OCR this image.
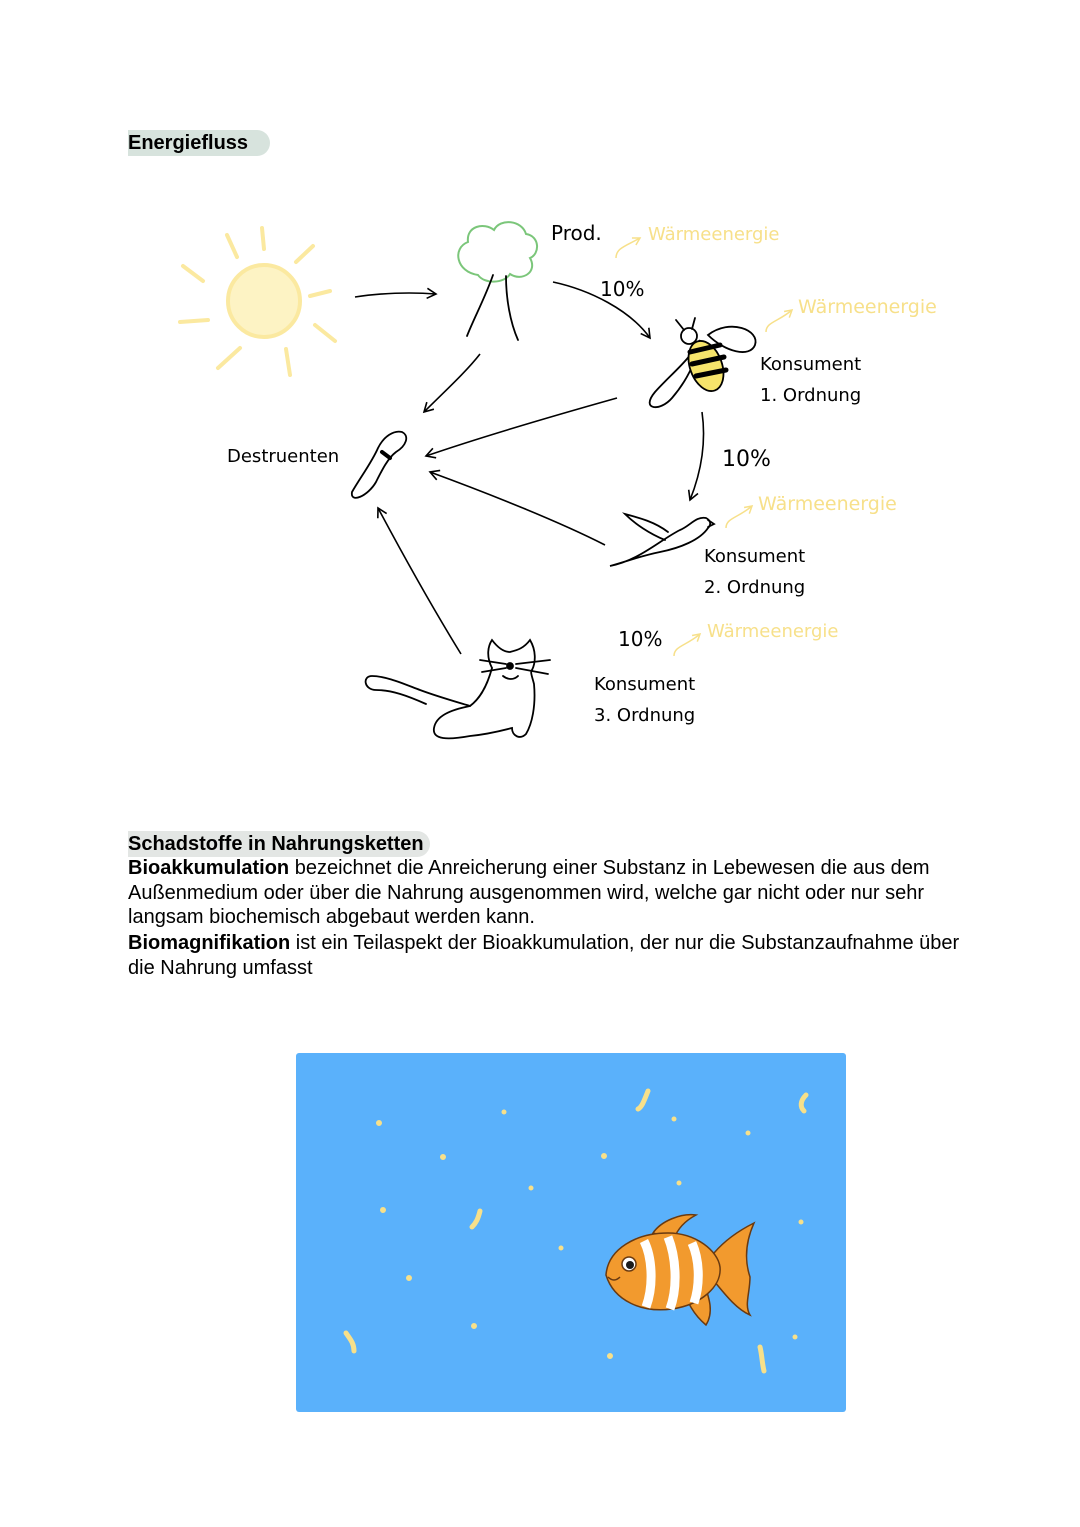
Energiefluss
Prod.
10%
10%
10%
Konsument
1. Ordnung
Konsument
2. Ordnung
Konsument
3. Ordnung
Destruenten
Wärmeenergie
Wärmeenergie
Wärmeenergie
Wärmeenergie
Schadstoffe in Nahrungsketten
Bioakkumulation bezeichnet die Anreicherung einer Substanz in Lebewesen die aus dem Außenmedium oder über die Nahrung ausgenommen wird, welche gar nicht oder nur sehr langsam biochemisch abgebaut werden kann.
Biomagnifikation ist ein Teilaspekt der Bioakkumulation, der nur die Substanzaufnahme über die Nahrung umfasst
